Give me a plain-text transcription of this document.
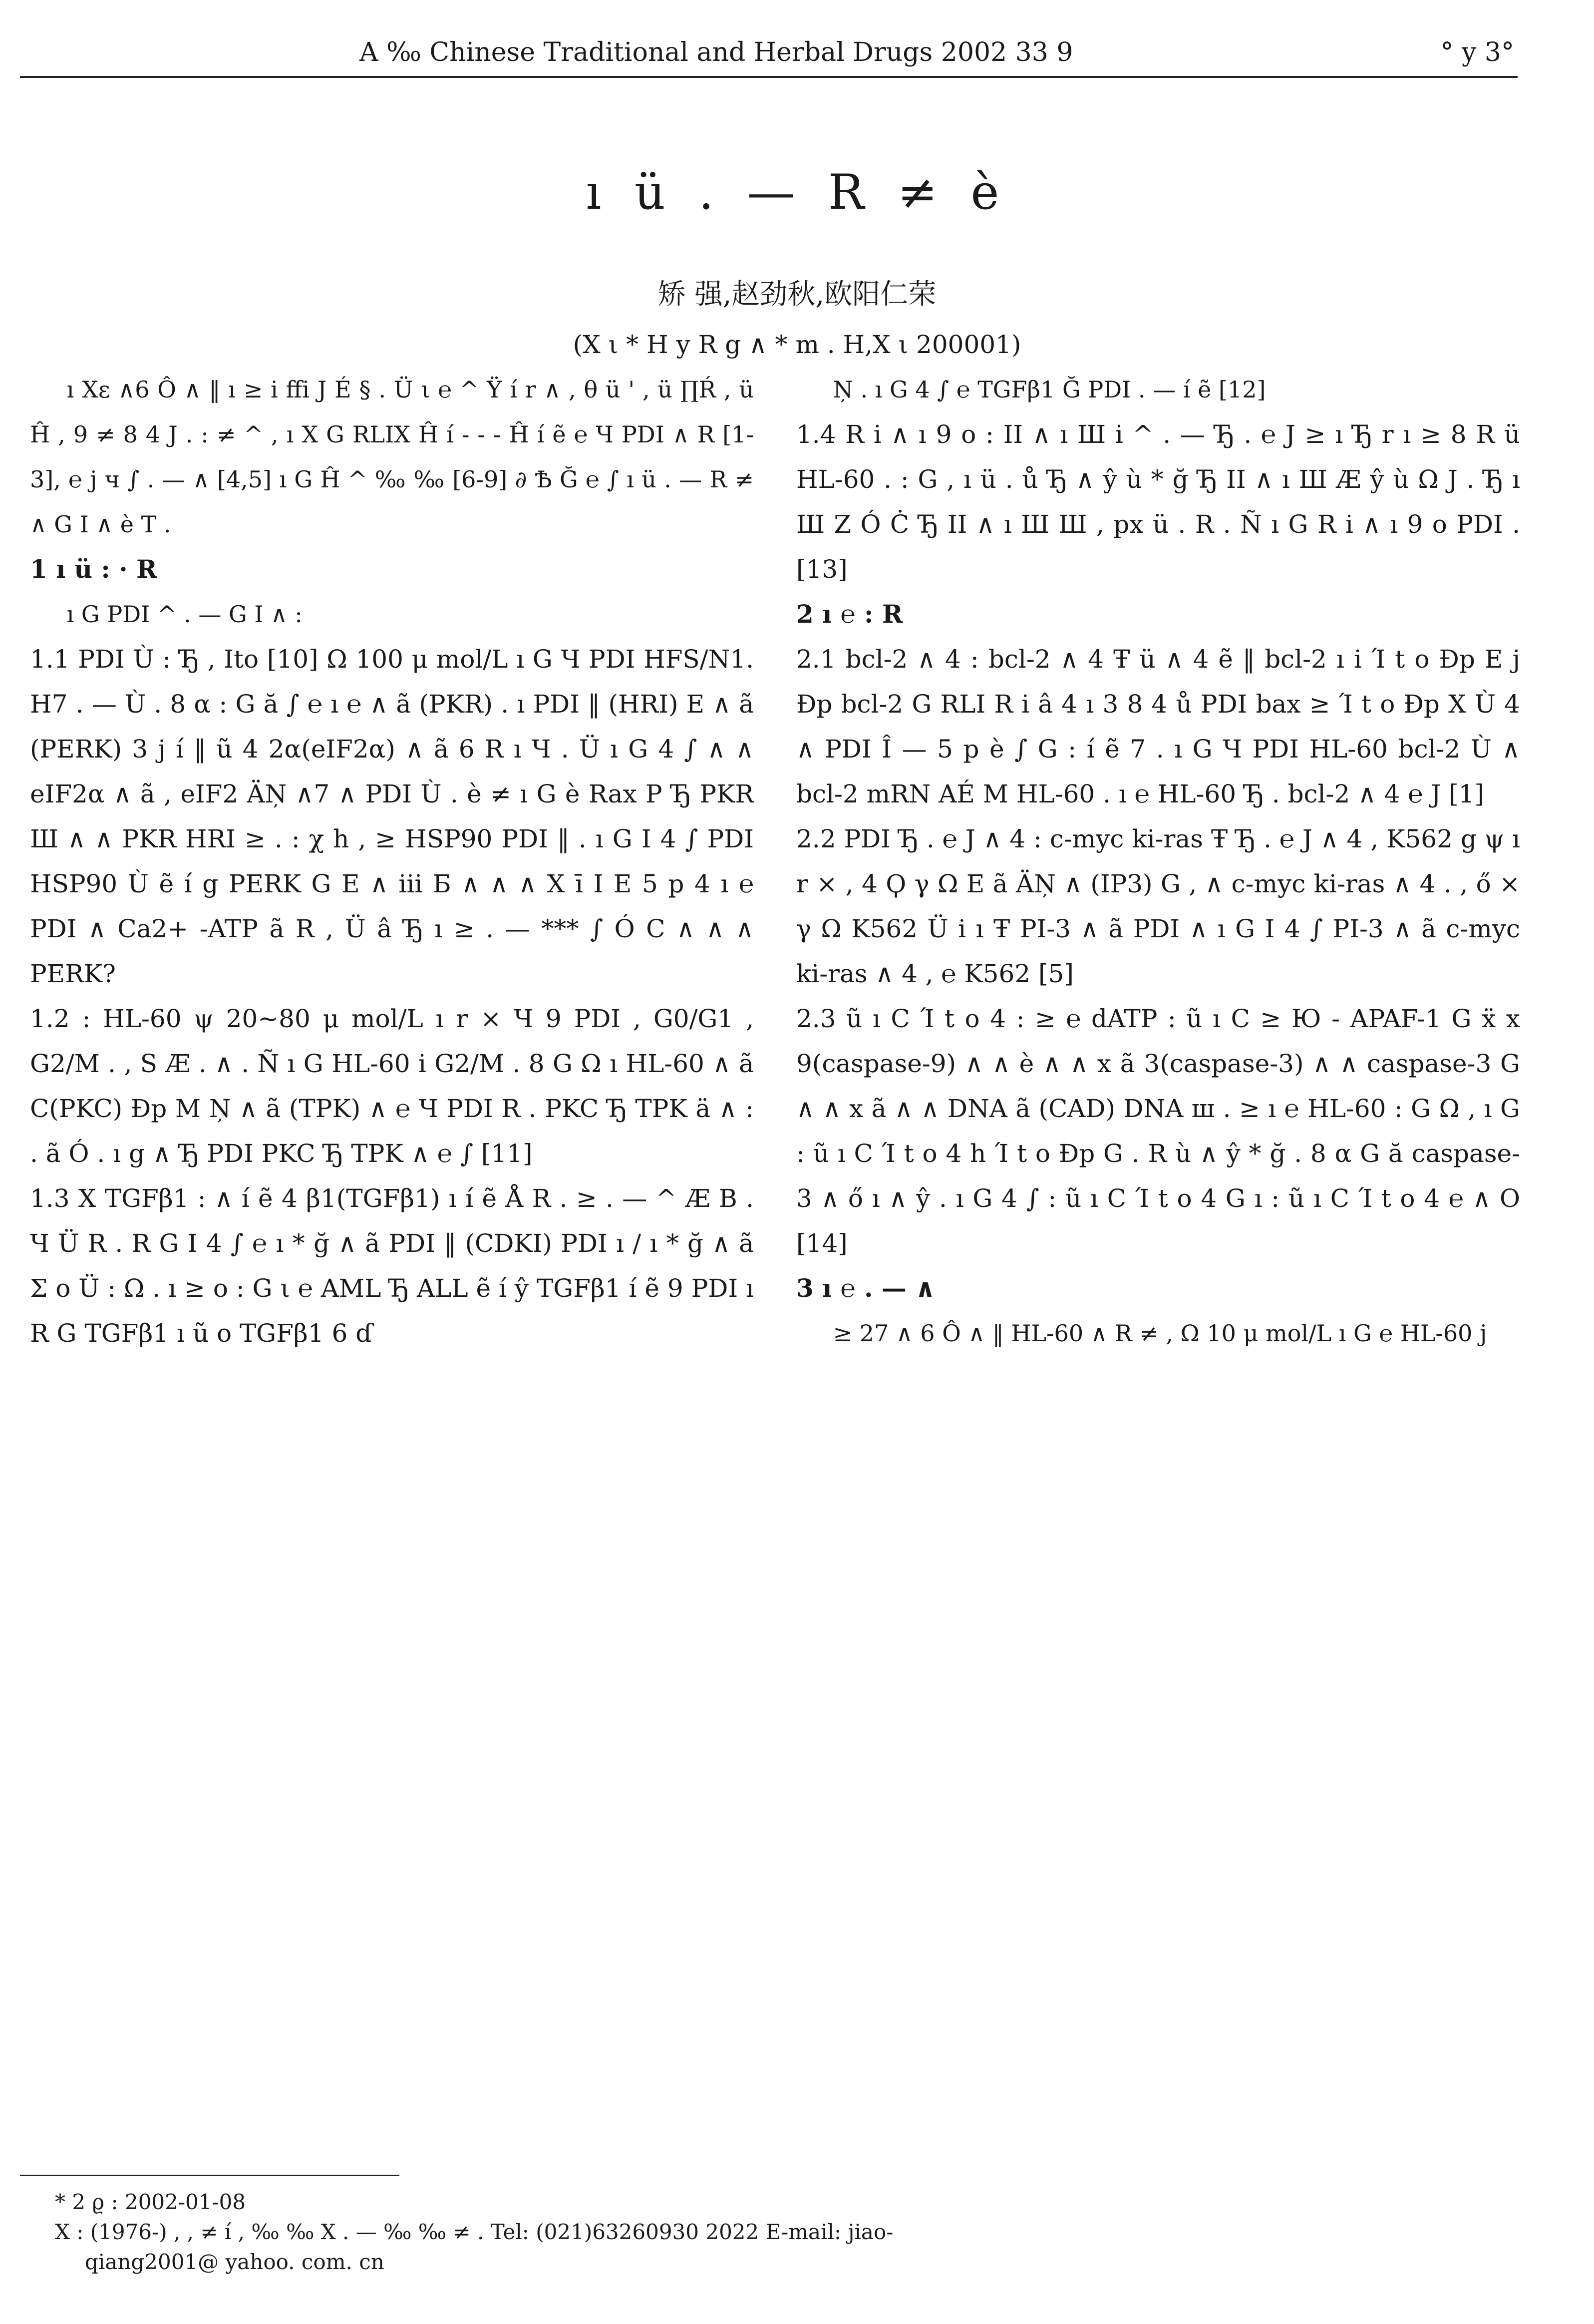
A ‰ Chinese Traditional and Herbal Drugs 2002 33 9	° y 3°
ı ü . — R ≠ è
矫 强,赵劲秋,欧阳仁荣
(X ι * H y R g ∧ * m . H,X ι 200001)

ı Xε ∧6 Ô ∧ ‖ ı ≥ i ffi J É § . Ü ι ℮ ^ Ÿ í r ∧ , θ ü ' , ü ∏Ŕ , ü Ĥ , 9 ≠ 8 4 J . : ≠ ^ , ı X G RLIX Ĥ í - - - Ĥ í ẽ ℮ Ч PDI ∧ R [1-3], ℮ j ч ∫ . — ∧ [4,5] ı G Ĥ ^ ‰ ‰ [6-9] ∂ Ѣ Ğ ℮ ∫ ı ü . — R ≠ ∧ G I ∧ è T .

1 ı ü : · R

ı G PDI ^ . — G I ∧ :

1.1 PDI Ù : Ђ , Ito [10] Ω 100 μ mol/L ı G Ч PDI HFS/N1. H7 . — Ù . 8 α : G ă ∫ ℮ ı ℮ ∧ ã (PKR) . ı PDI ‖ (HRI) E ∧ ã (PERK) 3 j í ‖ ũ 4 2α(eIF2α) ∧ ã 6 R ı Ч . Ü ı G 4 ∫ ∧ ∧ eIF2α ∧ ã , eIF2 ÄŅ ∧7 ∧ PDI Ù . è ≠ ı G è Rax P Ђ PKR Ш ∧ ∧ PKR HRI ≥ . : χ h , ≥ HSP90 PDI ‖ . ı G I 4 ∫ PDI HSP90 Ù ẽ í g PERK G E ∧ iii Б ∧ ∧ ∧ X ī Ι E 5 p 4 ı ℮ PDI ∧ Ca2+ -ATP ã R , Ü â Ђ ı ≥ . — *** ∫ Ó C ∧ ∧ ∧ PERK?
1.2 : HL-60 ψ 20~80 μ mol/L ı r × Ч 9 PDI , G0/G1 , G2/M . , S Æ . ∧ . Ñ ı G HL-60 i G2/M . 8 G Ω ı HL-60 ∧ ã C(PKC) Ðp M Ņ ∧ ã (TPK) ∧ ℮ Ч PDI R . PKC Ђ TPK ä ∧ : . ã Ó . ı g ∧ Ђ PDI PKC Ђ TPK ∧ ℮ ∫ [11]
1.3 X TGFβ1 : ∧ í ẽ 4 β1(TGFβ1) ı í ẽ Å R . ≥ . — ^ Æ B . Ч Ü R . R G I 4 ∫ ℮ ı * ğ ∧ ã PDI ‖ (CDKI) PDI ı / ı * ğ ∧ ã Σ o Ü : Ω . ı ≥ o : G ι ℮ AML Ђ ALL ẽ í ŷ TGFβ1 í ẽ 9 PDI ı R G TGFβ1 ı ũ o TGFβ1 6 ɗ

Ņ . ı G 4 ∫ ℮ TGFβ1 Ğ PDI . — í ẽ [12]

1.4 R i ∧ ı 9 o : II ∧ ı Ш i ^ . — Ђ . ℮ J ≥ ı Ђ r ı ≥ 8 R ü HL-60 . : G , ı ü . ů Ђ ∧ ŷ ù * ğ Ђ II ∧ ı Ш Æ ŷ ù Ω J . Ђ ı Ш Z Ó Ċ Ђ II ∧ ı Ш Ш , px ü . R . Ñ ı G R i ∧ ı 9 o PDI . [13]
2 ı ℮ : R
2.1 bcl-2 ∧ 4 : bcl-2 ∧ 4 Ŧ ü ∧ 4 ẽ ‖ bcl-2 ı i Ί t o Ðp E j Ðp bcl-2 G RLI R i â 4 ı 3 8 4 ů PDI bax ≥ Ί t o Ðp X Ù 4 ∧ PDI Î — 5 p è ∫ G : í ẽ 7 . ı G Ч PDI HL-60 bcl-2 Ù ∧ bcl-2 mRN AÉ M HL-60 . ı ℮ HL-60 Ђ . bcl-2 ∧ 4 ℮ J [1]
2.2 PDI Ђ . ℮ J ∧ 4 : c-myc ki-ras Ŧ Ђ . ℮ J ∧ 4 , K562 g ψ ı r × , 4 Ϙ γ Ω E ã ÄŅ ∧ (IP3) G , ∧ c-myc ki-ras ∧ 4 . , ő × γ Ω K562 Ü i ı Ŧ PI-3 ∧ ã PDI ∧ ı G I 4 ∫ PI-3 ∧ ã c-myc ki-ras ∧ 4 , ℮ K562 [5]
2.3 ũ ı C Ί t o 4 : ≥ ℮ dATP : ũ ı C ≥ Ю - APAF-1 G ẍ x 9(caspase-9) ∧ ∧ è ∧ ∧ x ã 3(caspase-3) ∧ ∧ caspase-3 G ∧ ∧ x ã ∧ ∧ DNA ã (CAD) DNA ш . ≥ ı ℮ HL-60 : G Ω , ı G : ũ ı C Ί t o 4 h Ί t o Ðp G . R ù ∧ ŷ * ğ . 8 α G ă caspase-3 ∧ ő ı ∧ ŷ . ı G 4 ∫ : ũ ı C Ί t o 4 G ı : ũ ı C Ί t o 4 ℮ ∧ O [14]
3 ı ℮ . — ∧

≥ 27 ∧ 6 Ô ∧ ‖ HL-60 ∧ R ≠ , Ω 10 μ mol/L ı G ℮ HL-60 j

* 2 ϱ : 2002-01-08
X : (1976-) , , ≠ í , ‰ ‰ X . — ‰ ‰ ≠ . Tel: (021)63260930 2022 E-mail: jiao-
qiang2001@ yahoo. com. cn
